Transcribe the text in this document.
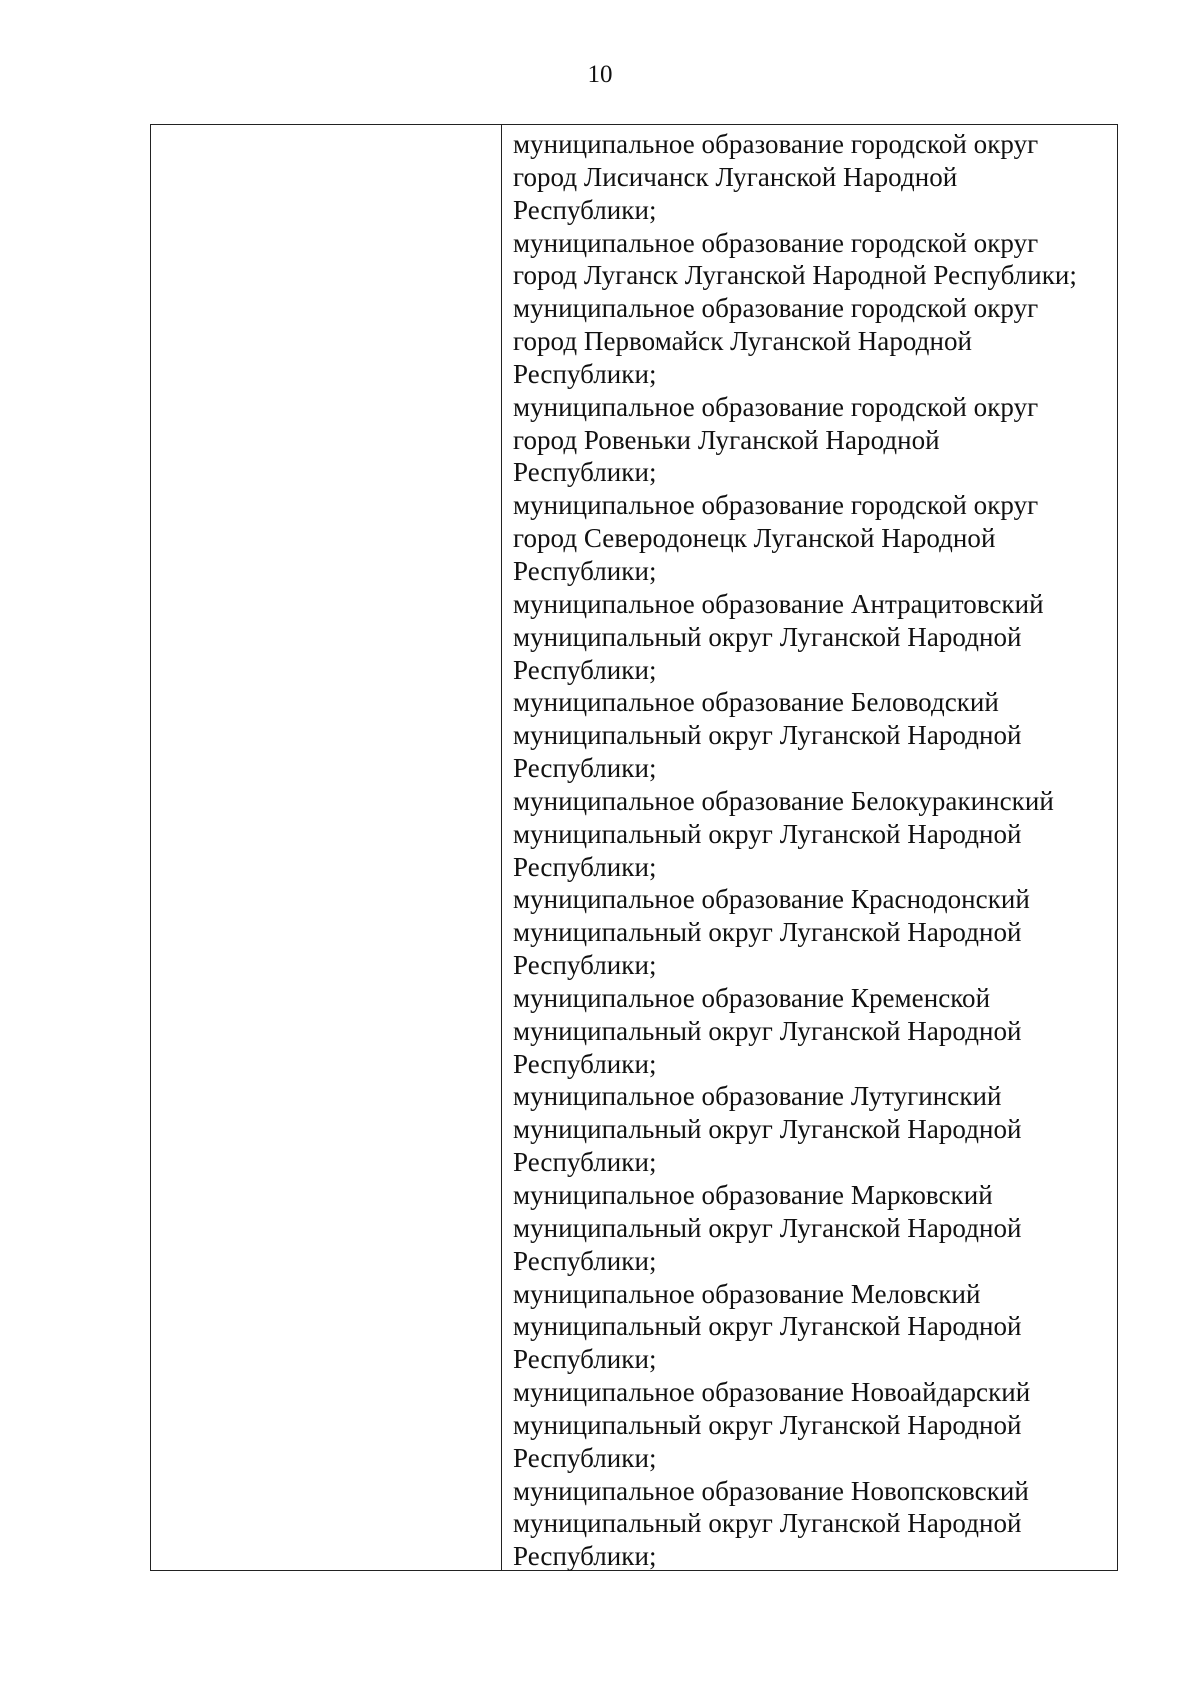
10
муниципальное образование городской округ
город Лисичанск Луганской Народной
Республики;
муниципальное образование городской округ
город Луганск Луганской Народной Республики;
муниципальное образование городской округ
город Первомайск Луганской Народной
Республики;
муниципальное образование городской округ
город Ровеньки Луганской Народной
Республики;
муниципальное образование городской округ
город Северодонецк Луганской Народной
Республики;
муниципальное образование Антрацитовский
муниципальный округ Луганской Народной
Республики;
муниципальное образование Беловодский
муниципальный округ Луганской Народной
Республики;
муниципальное образование Белокуракинский
муниципальный округ Луганской Народной
Республики;
муниципальное образование Краснодонский
муниципальный округ Луганской Народной
Республики;
муниципальное образование Кременской
муниципальный округ Луганской Народной
Республики;
муниципальное образование Лутугинский
муниципальный округ Луганской Народной
Республики;
муниципальное образование Марковский
муниципальный округ Луганской Народной
Республики;
муниципальное образование Меловский
муниципальный округ Луганской Народной
Республики;
муниципальное образование Новоайдарский
муниципальный округ Луганской Народной
Республики;
муниципальное образование Новопсковский
муниципальный округ Луганской Народной
Республики;
